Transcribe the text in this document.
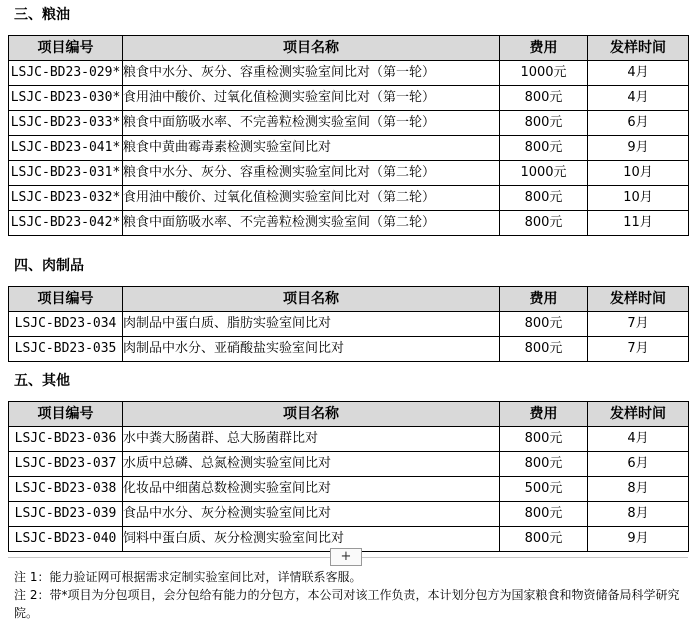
三、粮油
项目编号	项目名称	费用	发样时间
LSJC-BD23-029*	粮食中水分、灰分、容重检测实验室间比对（第一轮）	1000元	4月
LSJC-BD23-030*	食用油中酸价、过氧化值检测实验室间比对（第一轮）	800元	4月
LSJC-BD23-033*	粮食中面筋吸水率、不完善粒检测实验室间（第一轮）	800元	6月
LSJC-BD23-041*	粮食中黄曲霉毒素检测实验室间比对	800元	9月
LSJC-BD23-031*	粮食中水分、灰分、容重检测实验室间比对（第二轮）	1000元	10月
LSJC-BD23-032*	食用油中酸价、过氧化值检测实验室间比对（第二轮）	800元	10月
LSJC-BD23-042*	粮食中面筋吸水率、不完善粒检测实验室间（第二轮）	800元	11月
四、肉制品
项目编号	项目名称	费用	发样时间
LSJC-BD23-034	肉制品中蛋白质、脂肪实验室间比对	800元	7月
LSJC-BD23-035	肉制品中水分、亚硝酸盐实验室间比对	800元	7月
五、其他
项目编号	项目名称	费用	发样时间
LSJC-BD23-036	水中粪大肠菌群、总大肠菌群比对	800元	4月
LSJC-BD23-037	水质中总磷、总氮检测实验室间比对	800元	6月
LSJC-BD23-038	化妆品中细菌总数检测实验室间比对	500元	8月
LSJC-BD23-039	食品中水分、灰分检测实验室间比对	800元	8月
LSJC-BD23-040	饲料中蛋白质、灰分检测实验室间比对	800元	9月
+
注 1：能力验证网可根据需求定制实验室间比对，详情联系客服。
注 2：带*项目为分包项目，会分包给有能力的分包方，本公司对该工作负责，本计划分包方为国家粮食和物资储备局科学研究院。
